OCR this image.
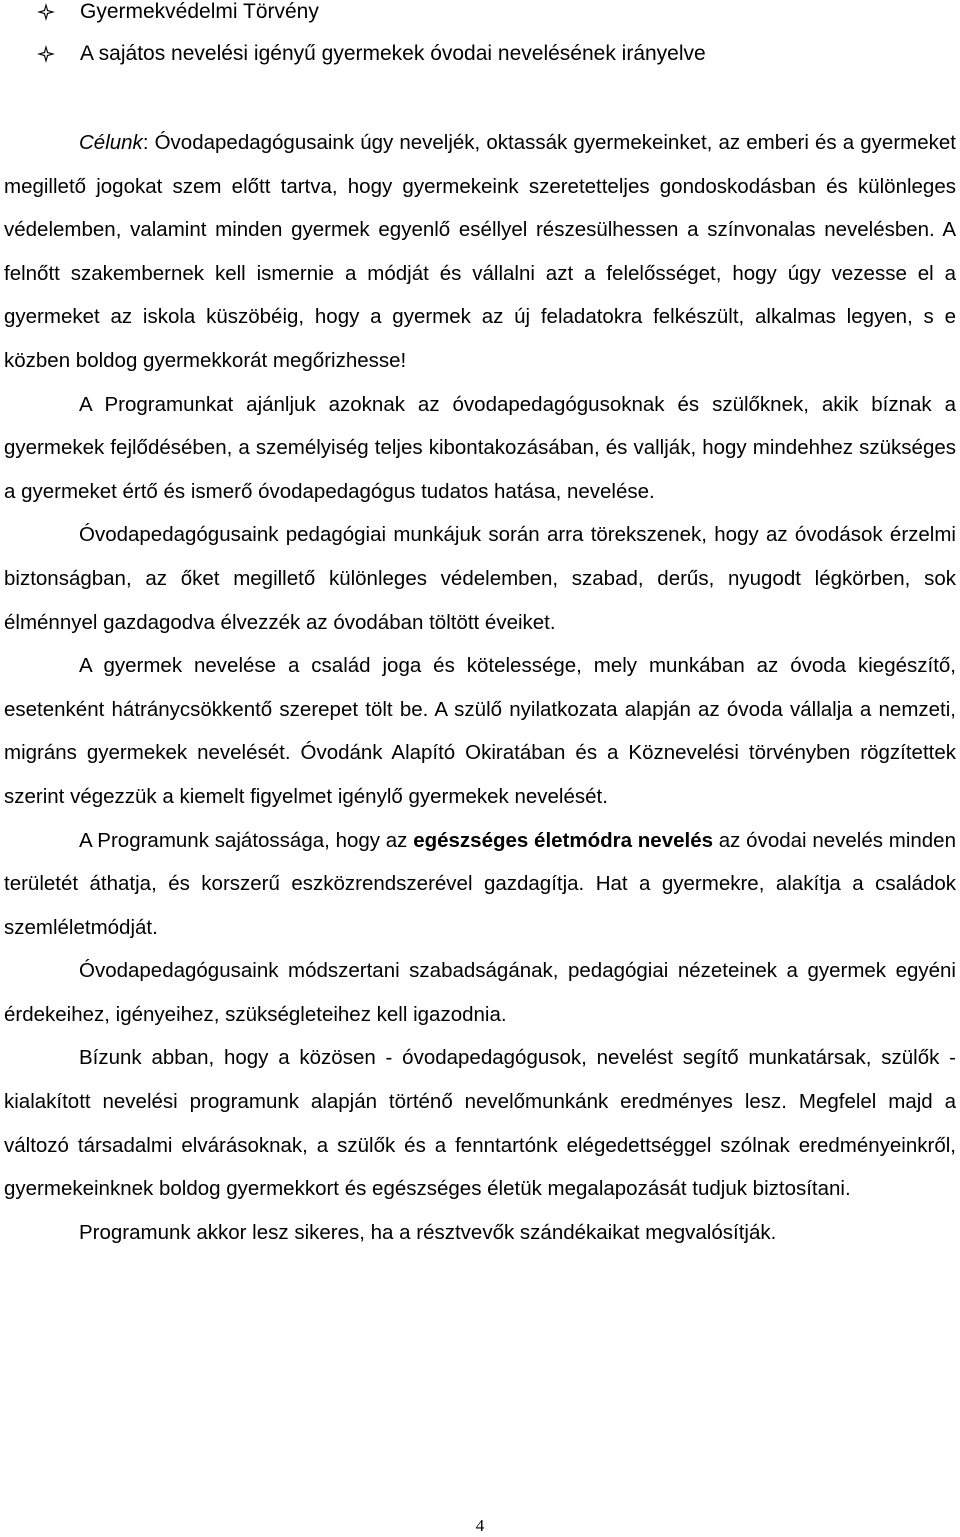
Gyermekvédelmi Törvény
A sajátos nevelési igényű gyermekek óvodai nevelésének irányelve

Célunk: Óvodapedagógusaink úgy neveljék, oktassák gyermekeinket, az emberi és a gyermeket megillető jogokat szem előtt tartva, hogy gyermekeink szeretetteljes gondoskodásban és különleges védelemben, valamint minden gyermek egyenlő eséllyel részesülhessen a színvonalas nevelésben. A felnőtt szakembernek kell ismernie a módját és vállalni azt a felelősséget, hogy úgy vezesse el a gyermeket az iskola küszöbéig, hogy a gyermek az új feladatokra felkészült, alkalmas legyen, s e közben boldog gyermekkorát megőrizhesse!

A Programunkat ajánljuk azoknak az óvodapedagógusoknak és szülőknek, akik bíznak a gyermekek fejlődésében, a személyiség teljes kibontakozásában, és vallják, hogy mindehhez szükséges a gyermeket értő és ismerő óvodapedagógus tudatos hatása, nevelése.

Óvodapedagógusaink pedagógiai munkájuk során arra törekszenek, hogy az óvodások érzelmi biztonságban, az őket megillető különleges védelemben, szabad, derűs, nyugodt légkörben, sok élménnyel gazdagodva élvezzék az óvodában töltött éveiket.

A gyermek nevelése a család joga és kötelessége, mely munkában az óvoda kiegészítő, esetenként hátránycsökkentő szerepet tölt be. A szülő nyilatkozata alapján az óvoda vállalja a nemzeti, migráns gyermekek nevelését. Óvodánk Alapító Okiratában és a Köznevelési törvényben rögzítettek szerint végezzük a kiemelt figyelmet igénylő gyermekek nevelését.

A Programunk sajátossága, hogy az egészséges életmódra nevelés az óvodai nevelés minden területét áthatja, és korszerű eszközrendszerével gazdagítja. Hat a gyermekre, alakítja a családok szemléletmódját.

Óvodapedagógusaink módszertani szabadságának, pedagógiai nézeteinek a gyermek egyéni érdekeihez, igényeihez, szükségleteihez kell igazodnia.

Bízunk abban, hogy a közösen - óvodapedagógusok, nevelést segítő munkatársak, szülők - kialakított nevelési programunk alapján történő nevelőmunkánk eredményes lesz. Megfelel majd a változó társadalmi elvárásoknak, a szülők és a fenntartónk elégedettséggel szólnak eredményeinkről, gyermekeinknek boldog gyermekkort és egészséges életük megalapozását tudjuk biztosítani.

Programunk akkor lesz sikeres, ha a résztvevők szándékaikat megvalósítják.

4
